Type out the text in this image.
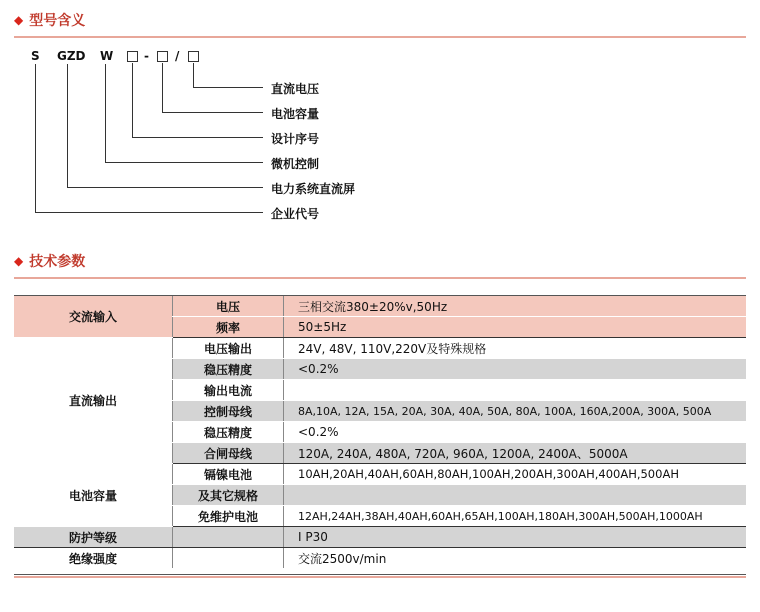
◆ 型号含义
S GZD W	- /
直流电压
电池容量
设计序号
微机控制
电力系统直流屏
企业代号
◆ 技术参数
交流输入	电压	三相交流380±20%v,50Hz
	频率	50±5Hz
直流输出	电压输出	24V, 48V, 110V,220V及特殊规格
	稳压精度	<0.2%
	输出电流	
	控制母线	8A,10A, 12A, 15A, 20A, 30A, 40A, 50A, 80A, 100A, 160A,200A, 300A, 500A
	稳压精度	<0.2%
	合闸母线	120A, 240A, 480A, 720A, 960A, 1200A, 2400A、5000A
电池容量	镉镍电池	10AH,20AH,40AH,60AH,80AH,100AH,200AH,300AH,400AH,500AH
	及其它规格	
	免维护电池	12AH,24AH,38AH,40AH,60AH,65AH,100AH,180AH,300AH,500AH,1000AH
防护等级		I P30
绝缘强度		交流2500v/min
